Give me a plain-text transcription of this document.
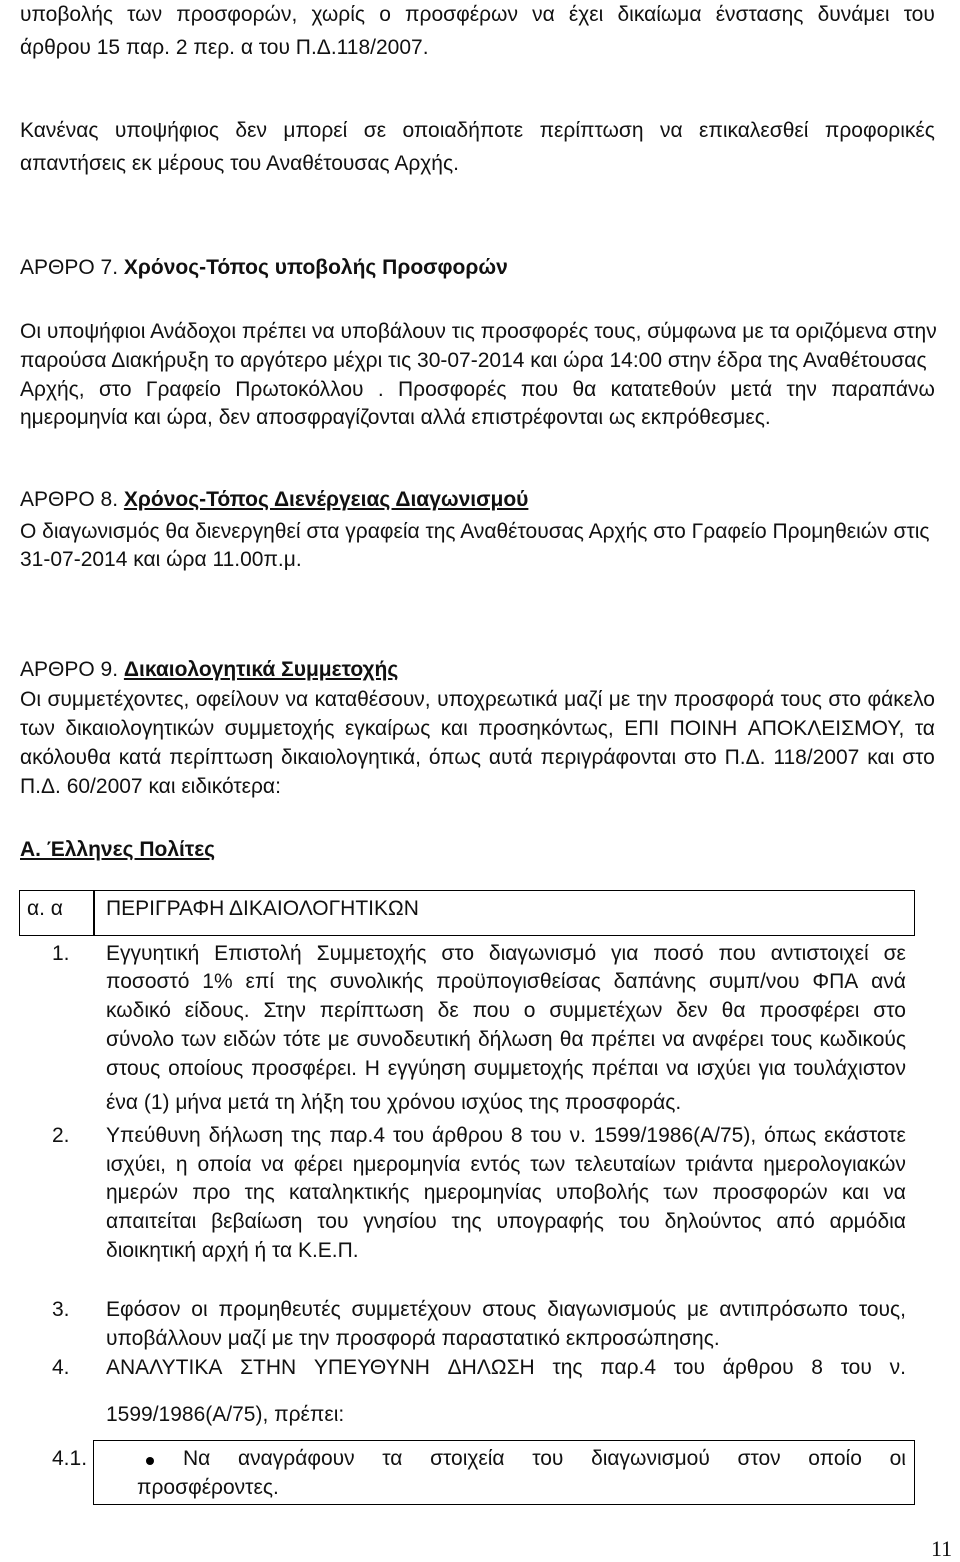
υποβολής των προσφορών, χωρίς ο προσφέρων να έχει δικαίωμα ένστασης δυνάμει του
άρθρου 15 παρ. 2 περ. α του Π.Δ.118/2007.
Κανένας υποψήφιος δεν μπορεί σε οποιαδήποτε περίπτωση να επικαλεσθεί προφορικές
απαντήσεις εκ μέρους του Αναθέτουσας Αρχής.
ΑΡΘΡΟ 7. Χρόνος-Τόπος υποβολής Προσφορών
Οι υποψήφιοι Ανάδοχοι πρέπει να υποβάλουν τις προσφορές τους, σύμφωνα με τα οριζόμενα στην
παρούσα Διακήρυξη το αργότερο μέχρι τις 30-07-2014 και ώρα 14:00 στην έδρα της Αναθέτουσας
Αρχής, στο Γραφείο Πρωτοκόλλου . Προσφορές που θα κατατεθούν μετά την παραπάνω
ημερομηνία και ώρα, δεν αποσφραγίζονται αλλά επιστρέφονται ως εκπρόθεσμες.
ΑΡΘΡΟ 8. Χρόνος-Τόπος Διενέργειας Διαγωνισμού
Ο διαγωνισμός θα διενεργηθεί στα γραφεία της Αναθέτουσας Αρχής στο Γραφείο Προμηθειών στις
31-07-2014 και ώρα 11.00π.μ.
ΑΡΘΡΟ 9. Δικαιολογητικά Συμμετοχής
Οι συμμετέχοντες, οφείλουν να καταθέσουν, υποχρεωτικά μαζί με την προσφορά τους στο φάκελο
των δικαιολογητικών συμμετοχής εγκαίρως και προσηκόντως, ΕΠΙ ΠΟΙΝΗ ΑΠΟΚΛΕΙΣΜΟΥ, τα
ακόλουθα κατά περίπτωση δικαιολογητικά, όπως αυτά περιγράφονται στο Π.Δ. 118/2007 και στο
Π.Δ. 60/2007 και ειδικότερα:
Α. Έλληνες Πολίτες
α. α ΠΕΡΙΓΡΑΦΗ ΔΙΚΑΙΟΛΟΓΗΤΙΚΩΝ
1. Εγγυητική Επιστολή Συμμετοχής στο διαγωνισμό για ποσό που αντιστοιχεί σε
ποσοστό 1% επί της συνολικής προϋπογισθείσας δαπάνης συμπ/νου ΦΠΑ ανά
κωδικό είδους. Στην περίπτωση δε που ο συμμετέχων δεν θα προσφέρει στο
σύνολο των ειδών τότε με συνοδευτική δήλωση θα πρέπει να ανφέρει τους κωδικούς
στους οποίους προσφέρει. Η εγγύηση συμμετοχής πρέπαι να ισχύει για τουλάχιστον
ένα (1) μήνα μετά τη λήξη του χρόνου ισχύος της προσφοράς.
2. Υπεύθυνη δήλωση της παρ.4 του άρθρου 8 του ν. 1599/1986(Α/75), όπως εκάστοτε
ισχύει, η οποία να φέρει ημερομηνία εντός των τελευταίων τριάντα ημερολογιακών
ημερών προ της καταληκτικής ημερομηνίας υποβολής των προσφορών και να
απαιτείται βεβαίωση του γνησίου της υπογραφής του δηλούντος από αρμόδια
διοικητική αρχή ή τα Κ.Ε.Π.
3. Εφόσον οι προμηθευτές συμμετέχουν στους διαγωνισμούς με αντιπρόσωπο τους,
υποβάλλουν μαζί με την προσφορά παραστατικό εκπροσώπησης.
4. ΑΝΑΛΥΤΙΚΑ ΣΤΗΝ ΥΠΕΥΘΥΝΗ ΔΗΛΩΣΗ της παρ.4 του άρθρου 8 του ν.
1599/1986(Α/75), πρέπει:
4.1.	Να αναγράφουν τα στοιχεία του διαγωνισμού στον οποίο οι
προσφέροντες.
11
